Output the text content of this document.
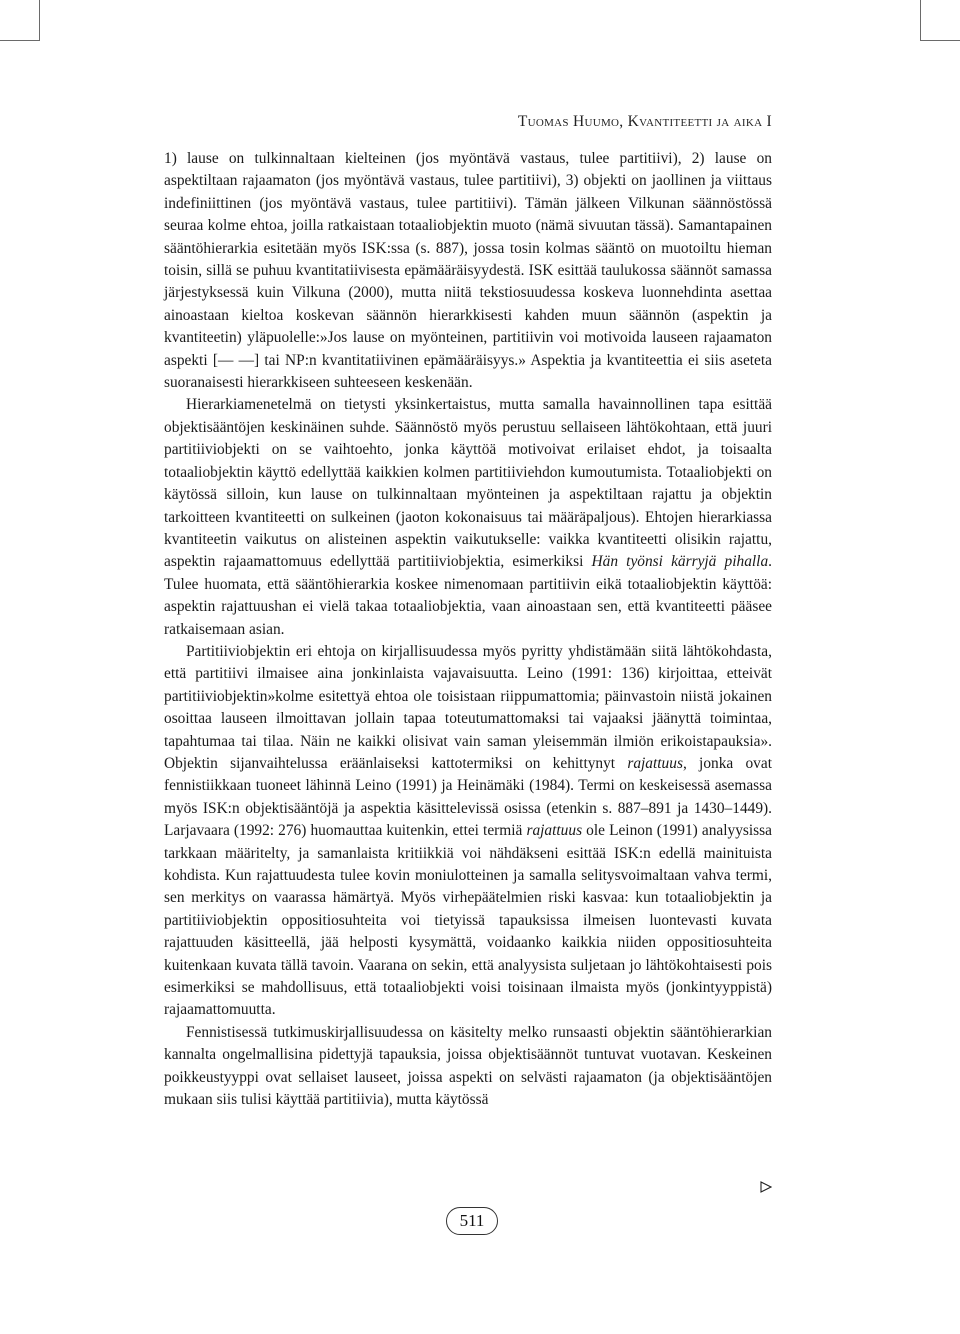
Tuomas Huumo, Kvantiteetti ja aika I

1) lause on tulkinnaltaan kielteinen (jos myöntävä vastaus, tulee partitiivi), 2) lause on aspektiltaan rajaamaton (jos myöntävä vastaus, tulee partitiivi), 3) objekti on jaollinen ja viittaus indefiniittinen (jos myöntävä vastaus, tulee partitiivi). Tämän jälkeen Vilkunan säännöstössä seuraa kolme ehtoa, joilla ratkaistaan totaaliobjektin muoto (nämä sivuutan tässä). Samantapainen sääntöhierarkia esitetään myös ISK:ssa (s. 887), jossa tosin kolmas sääntö on muotoiltu hieman toisin, sillä se puhuu kvantitatiivisesta epämääräisyydestä. ISK esittää taulukossa säännöt samassa järjestyksessä kuin Vilkuna (2000), mutta niitä tekstiosuudessa koskeva luonnehdinta asettaa ainoastaan kieltoa koskevan säännön hierarkkisesti kahden muun säännön (aspektin ja kvantiteetin) yläpuolelle:»Jos lause on myönteinen, partitiivin voi motivoida lauseen rajaamaton aspekti [— —] tai NP:n kvantitatiivinen epämääräisyys.» Aspektia ja kvantiteettia ei siis aseteta suoranaisesti hierarkkiseen suhteeseen keskenään.

Hierarkiamenetelmä on tietysti yksinkertaistus, mutta samalla havainnollinen tapa esittää objektisääntöjen keskinäinen suhde. Säännöstö myös perustuu sellaiseen lähtökohtaan, että juuri partitiiviobjekti on se vaihtoehto, jonka käyttöä motivoivat erilaiset ehdot, ja toisaalta totaaliobjektin käyttö edellyttää kaikkien kolmen partitiiviehdon kumoutumista. Totaaliobjekti on käytössä silloin, kun lause on tulkinnaltaan myönteinen ja aspektiltaan rajattu ja objektin tarkoitteen kvantiteetti on sulkeinen (jaoton kokonaisuus tai määräpaljous). Ehtojen hierarkiassa kvantiteetin vaikutus on alisteinen aspektin vaikutukselle: vaikka kvantiteetti olisikin rajattu, aspektin rajaamattomuus edellyttää partitiiviobjektia, esimerkiksi Hän työnsi kärryjä pihalla. Tulee huomata, että sääntöhierarkia koskee nimenomaan partitiivin eikä totaaliobjektin käyttöä: aspektin rajattuushan ei vielä takaa totaaliobjektia, vaan ainoastaan sen, että kvantiteetti pääsee ratkaisemaan asian.

Partitiiviobjektin eri ehtoja on kirjallisuudessa myös pyritty yhdistämään siitä lähtökohdasta, että partitiivi ilmaisee aina jonkinlaista vajavaisuutta. Leino (1991: 136) kirjoittaa, etteivät partitiiviobjektin»kolme esitettyä ehtoa ole toisistaan riippumattomia; päinvastoin niistä jokainen osoittaa lauseen ilmoittavan jollain tapaa toteutumattomaksi tai vajaaksi jäänyttä toimintaa, tapahtumaa tai tilaa. Näin ne kaikki olisivat vain saman yleisemmän ilmiön erikoistapauksia». Objektin sijanvaihtelussa eräänlaiseksi kattotermiksi on kehittynyt rajattuus, jonka ovat fennistiikkaan tuoneet lähinnä Leino (1991) ja Heinämäki (1984). Termi on keskeisessä asemassa myös ISK:n objektisääntöjä ja aspektia käsittelevissä osissa (etenkin s. 887–891 ja 1430–1449). Larjavaara (1992: 276) huomauttaa kuitenkin, ettei termiä rajattuus ole Leinon (1991) analyysissa tarkkaan määritelty, ja samanlaista kritiikkiä voi nähdäkseni esittää ISK:n edellä mainituista kohdista. Kun rajattuudesta tulee kovin moniulotteinen ja samalla selitysvoimaltaan vahva termi, sen merkitys on vaarassa hämärtyä. Myös virhepäätelmien riski kasvaa: kun totaaliobjektin ja partitiiviobjektin oppositiosuhteita voi tietyissä tapauksissa ilmeisen luontevasti kuvata rajattuuden käsitteellä, jää helposti kysymättä, voidaanko kaikkia niiden oppositiosuhteita kuitenkaan kuvata tällä tavoin. Vaarana on sekin, että analyysista suljetaan jo lähtökohtaisesti pois esimerkiksi se mahdollisuus, että totaaliobjekti voisi toisinaan ilmaista myös (jonkintyyppistä) rajaamattomuutta.

Fennistisessä tutkimuskirjallisuudessa on käsitelty melko runsaasti objektin sääntöhierarkian kannalta ongelmallisina pidettyjä tapauksia, joissa objektisäännöt tuntuvat vuotavan. Keskeinen poikkeustyyppi ovat sellaiset lauseet, joissa aspekti on selvästi rajaamaton (ja objektisääntöjen mukaan siis tulisi käyttää partitiivia), mutta käytössä

511
